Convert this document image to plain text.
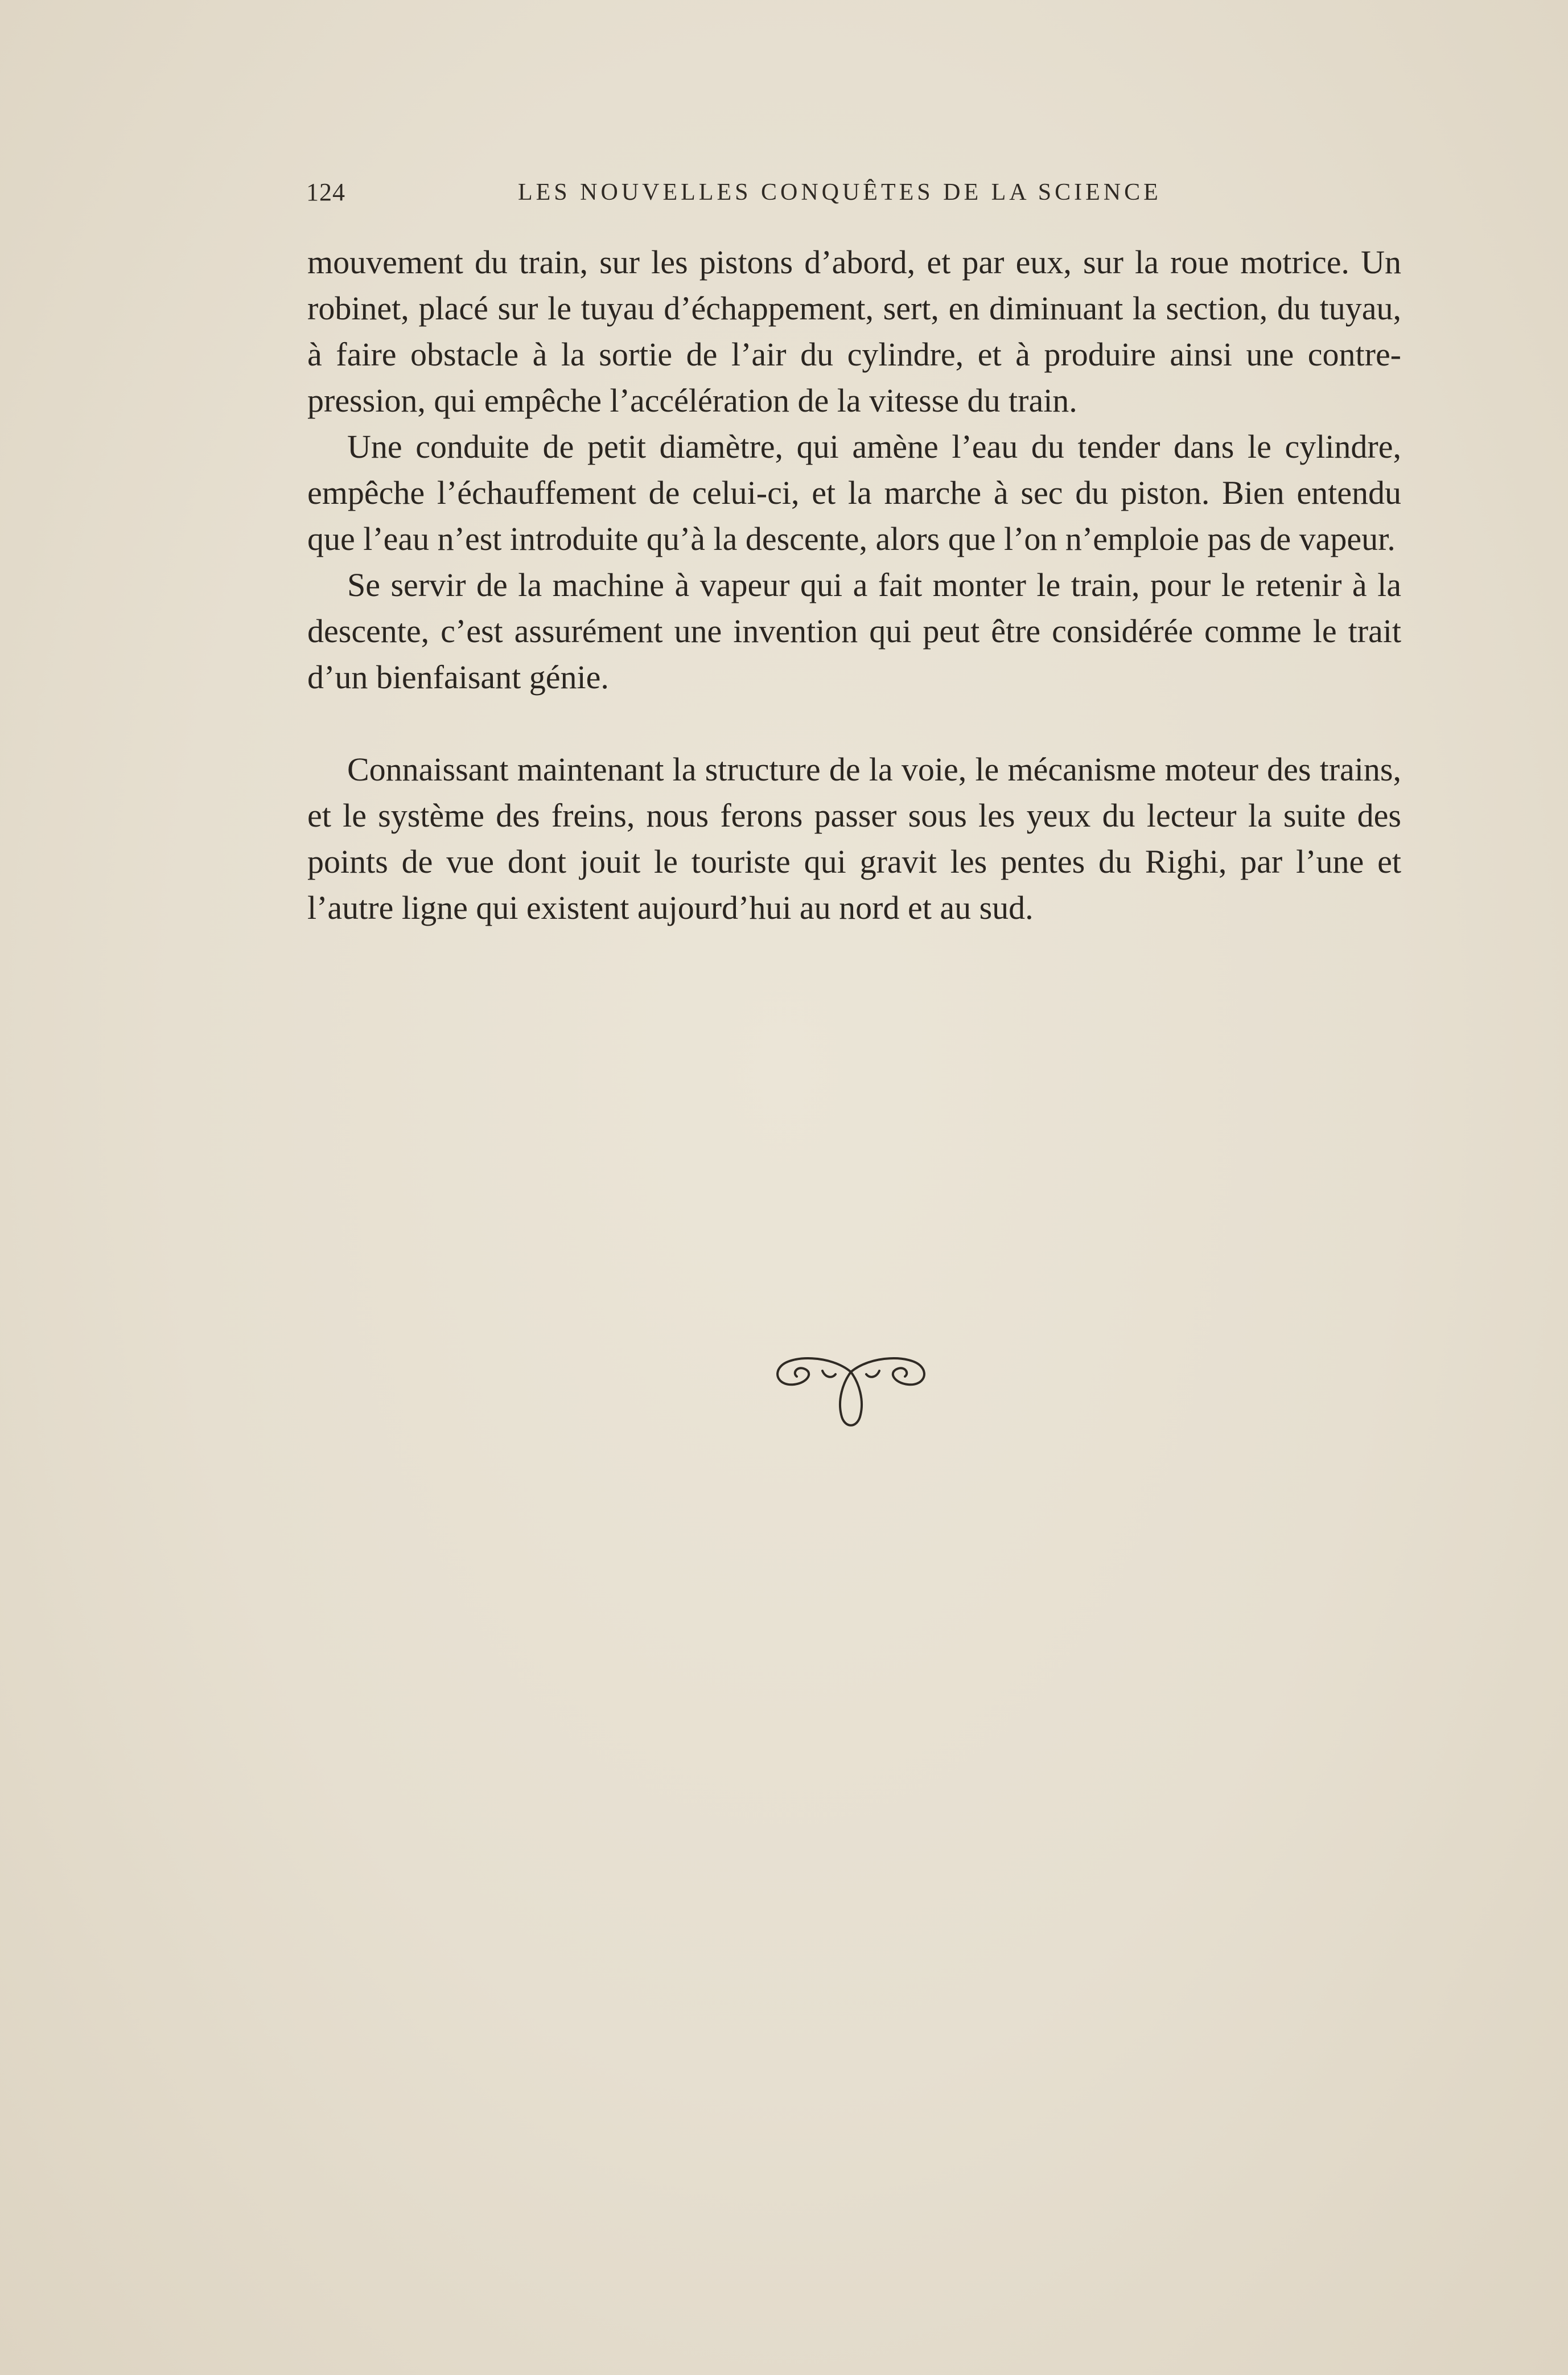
124	LES NOUVELLES CONQUÊTES DE LA SCIENCE

mouvement du train, sur les pistons d’abord, et par eux, sur la roue motrice. Un robinet, placé sur le tuyau d’échappement, sert, en diminuant la section, du tuyau, à faire obstacle à la sortie de l’air du cylindre, et à produire ainsi une contre-pression, qui empêche l’accélération de la vitesse du train.

Une conduite de petit diamètre, qui amène l’eau du tender dans le cylindre, empêche l’échauffement de celui-ci, et la marche à sec du piston. Bien entendu que l’eau n’est introduite qu’à la descente, alors que l’on n’emploie pas de vapeur.

Se servir de la machine à vapeur qui a fait monter le train, pour le retenir à la descente, c’est assurément une invention qui peut être considérée comme le trait d’un bienfaisant génie.

Connaissant maintenant la structure de la voie, le mécanisme moteur des trains, et le système des freins, nous ferons passer sous les yeux du lecteur la suite des points de vue dont jouit le touriste qui gravit les pentes du Righi, par l’une et l’autre ligne qui existent aujourd’hui au nord et au sud.
